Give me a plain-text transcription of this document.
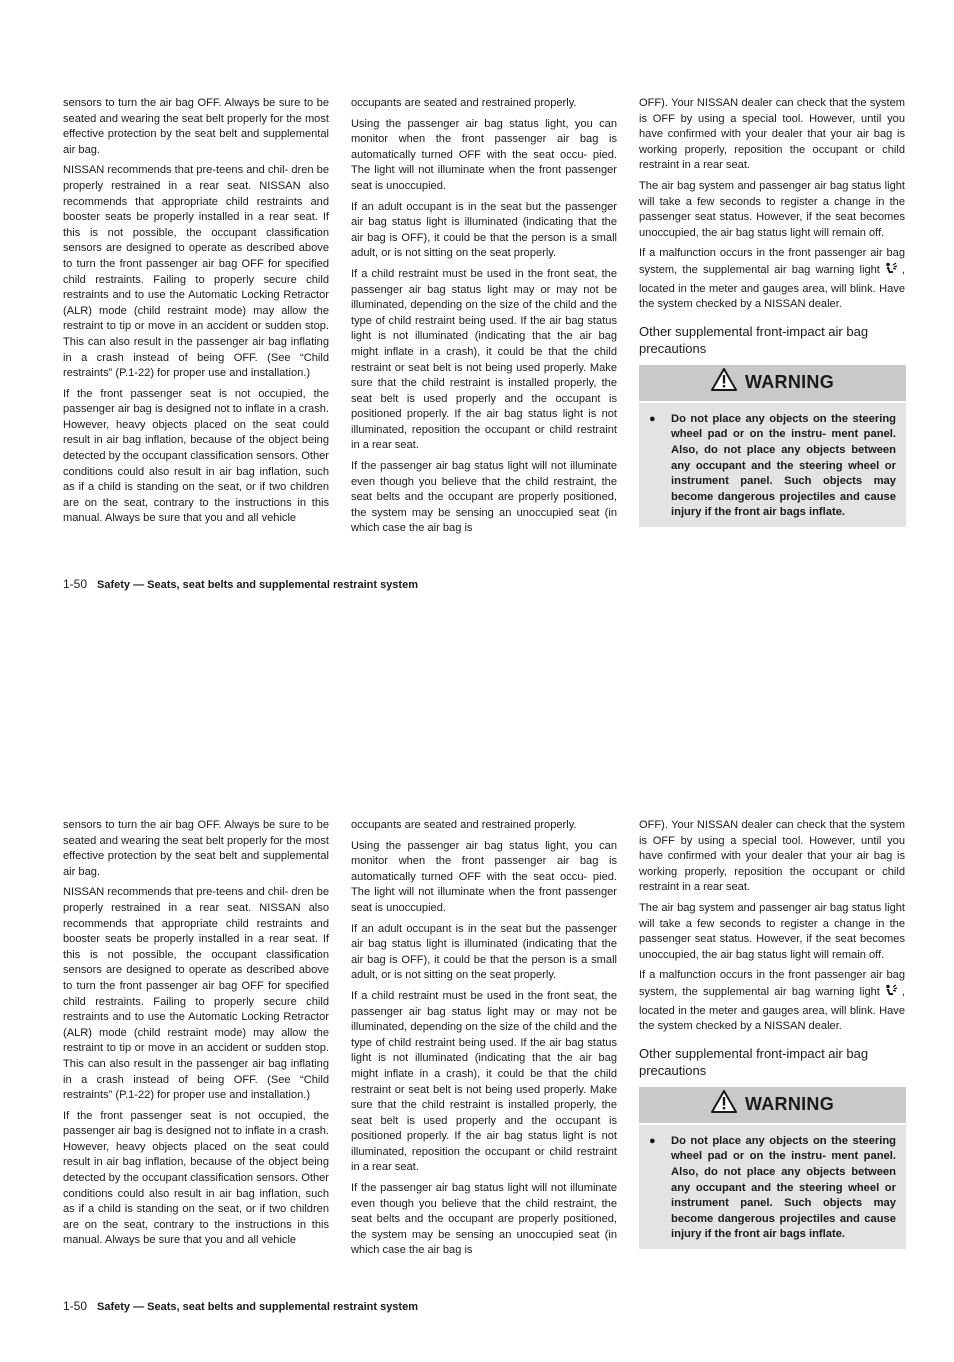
sensors to turn the air bag OFF. Always be sure to be seated and wearing the seat belt properly for the most effective protection by the seat belt and supplemental air bag.

NISSAN recommends that pre-teens and chil- dren be properly restrained in a rear seat. NISSAN also recommends that appropriate child restraints and booster seats be properly installed in a rear seat. If this is not possible, the occupant classification sensors are designed to operate as described above to turn the front passenger air bag OFF for specified child restraints. Failing to properly secure child restraints and to use the Automatic Locking Retractor (ALR) mode (child restraint mode) may allow the restraint to tip or move in an accident or sudden stop. This can also result in the passenger air bag inflating in a crash instead of being OFF. (See “Child restraints” (P.1-22) for proper use and installation.)

If the front passenger seat is not occupied, the passenger air bag is designed not to inflate in a crash. However, heavy objects placed on the seat could result in air bag inflation, because of the object being detected by the occupant classification sensors. Other conditions could also result in air bag inflation, such as if a child is standing on the seat, or if two children are on the seat, contrary to the instructions in this manual. Always be sure that you and all vehicle

occupants are seated and restrained properly.

Using the passenger air bag status light, you can monitor when the front passenger air bag is automatically turned OFF with the seat occu- pied. The light will not illuminate when the front passenger seat is unoccupied.

If an adult occupant is in the seat but the passenger air bag status light is illuminated (indicating that the air bag is OFF), it could be that the person is a small adult, or is not sitting on the seat properly.

If a child restraint must be used in the front seat, the passenger air bag status light may or may not be illuminated, depending on the size of the child and the type of child restraint being used. If the air bag status light is not illuminated (indicating that the air bag might inflate in a crash), it could be that the child restraint or seat belt is not being used properly. Make sure that the child restraint is installed properly, the seat belt is used properly and the occupant is positioned properly. If the air bag status light is not illuminated, reposition the occupant or child restraint in a rear seat.

If the passenger air bag status light will not illuminate even though you believe that the child restraint, the seat belts and the occupant are properly positioned, the system may be sensing an unoccupied seat (in which case the air bag is

OFF). Your NISSAN dealer can check that the system is OFF by using a special tool. However, until you have confirmed with your dealer that your air bag is working properly, reposition the occupant or child restraint in a rear seat.

The air bag system and passenger air bag status light will take a few seconds to register a change in the passenger seat status. However, if the seat becomes unoccupied, the air bag status light will remain off.

If a malfunction occurs in the front passenger air bag system, the supplemental air bag warning light , located in the meter and gauges area, will blink. Have the system checked by a NISSAN dealer.

Other supplemental front-impact air bag precautions
WARNING
●	Do not place any objects on the steering wheel pad or on the instru- ment panel. Also, do not place any objects between any occupant and the steering wheel or instrument panel. Such objects may become dangerous projectiles and cause injury if the front air bags inflate.
1-50 Safety — Seats, seat belts and supplemental restraint system

sensors to turn the air bag OFF. Always be sure to be seated and wearing the seat belt properly for the most effective protection by the seat belt and supplemental air bag.

NISSAN recommends that pre-teens and chil- dren be properly restrained in a rear seat. NISSAN also recommends that appropriate child restraints and booster seats be properly installed in a rear seat. If this is not possible, the occupant classification sensors are designed to operate as described above to turn the front passenger air bag OFF for specified child restraints. Failing to properly secure child restraints and to use the Automatic Locking Retractor (ALR) mode (child restraint mode) may allow the restraint to tip or move in an accident or sudden stop. This can also result in the passenger air bag inflating in a crash instead of being OFF. (See “Child restraints” (P.1-22) for proper use and installation.)

If the front passenger seat is not occupied, the passenger air bag is designed not to inflate in a crash. However, heavy objects placed on the seat could result in air bag inflation, because of the object being detected by the occupant classification sensors. Other conditions could also result in air bag inflation, such as if a child is standing on the seat, or if two children are on the seat, contrary to the instructions in this manual. Always be sure that you and all vehicle

occupants are seated and restrained properly.

Using the passenger air bag status light, you can monitor when the front passenger air bag is automatically turned OFF with the seat occu- pied. The light will not illuminate when the front passenger seat is unoccupied.

If an adult occupant is in the seat but the passenger air bag status light is illuminated (indicating that the air bag is OFF), it could be that the person is a small adult, or is not sitting on the seat properly.

If a child restraint must be used in the front seat, the passenger air bag status light may or may not be illuminated, depending on the size of the child and the type of child restraint being used. If the air bag status light is not illuminated (indicating that the air bag might inflate in a crash), it could be that the child restraint or seat belt is not being used properly. Make sure that the child restraint is installed properly, the seat belt is used properly and the occupant is positioned properly. If the air bag status light is not illuminated, reposition the occupant or child restraint in a rear seat.

If the passenger air bag status light will not illuminate even though you believe that the child restraint, the seat belts and the occupant are properly positioned, the system may be sensing an unoccupied seat (in which case the air bag is

OFF). Your NISSAN dealer can check that the system is OFF by using a special tool. However, until you have confirmed with your dealer that your air bag is working properly, reposition the occupant or child restraint in a rear seat.

The air bag system and passenger air bag status light will take a few seconds to register a change in the passenger seat status. However, if the seat becomes unoccupied, the air bag status light will remain off.

If a malfunction occurs in the front passenger air bag system, the supplemental air bag warning light , located in the meter and gauges area, will blink. Have the system checked by a NISSAN dealer.

Other supplemental front-impact air bag precautions
WARNING
●	Do not place any objects on the steering wheel pad or on the instru- ment panel. Also, do not place any objects between any occupant and the steering wheel or instrument panel. Such objects may become dangerous projectiles and cause injury if the front air bags inflate.
1-50 Safety — Seats, seat belts and supplemental restraint system
